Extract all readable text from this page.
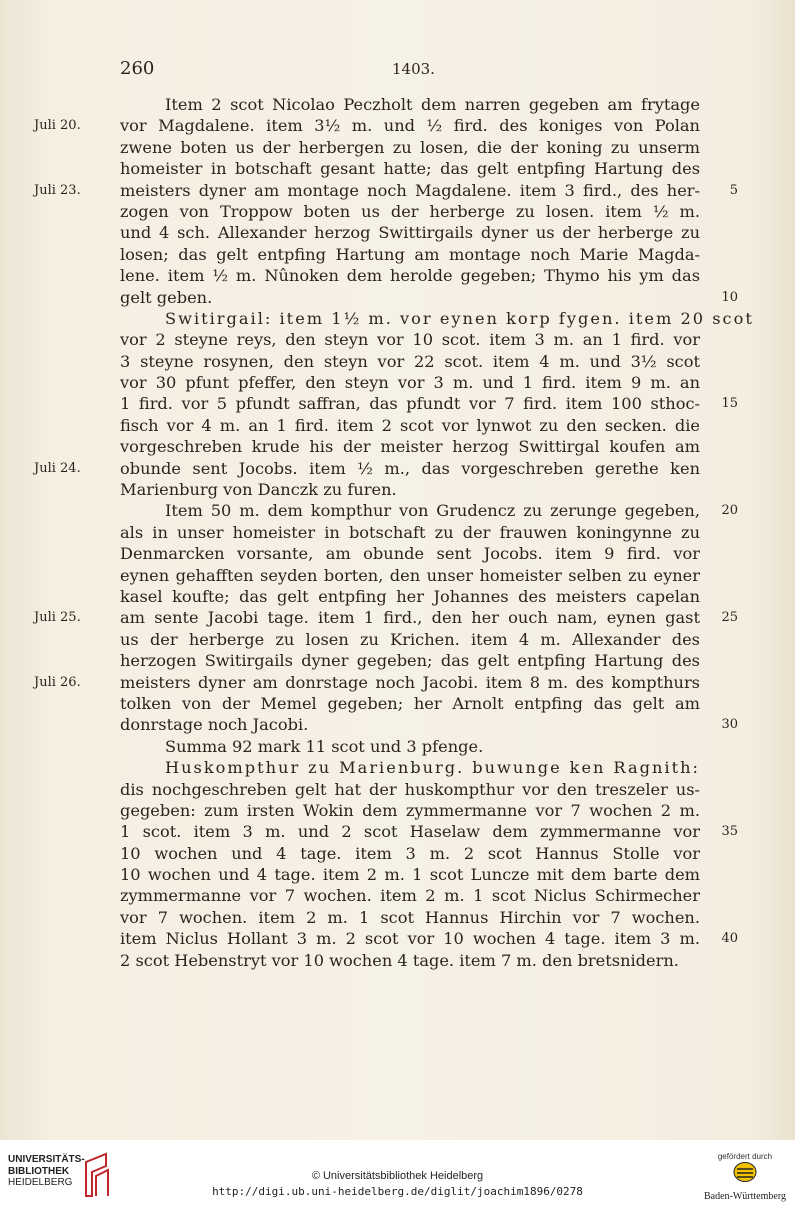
260	1403.
Item 2 scot Nicolao Peczholt dem narren gegeben am frytage
Juli 20. vor Magdalene. item 3½ m. und ½ fird. des koniges von Polan
zwene boten us der herbergen zu losen, die der koning zu unserm
homeister in botschaft gesant hatte; das gelt entpfing Hartung des
Juli 23. meisters dyner am montage noch Magdalene. item 3 fird., des her-	5
zogen von Troppow boten us der herberge zu losen. item ½ m.
und 4 sch. Allexander herzog Swittirgails dyner us der herberge zu
losen; das gelt entpfing Hartung am montage noch Marie Magda-
lene. item ½ m. Nûnoken dem herolde gegeben; Thymo his ym das
gelt geben.	10
Switirgail: item 1½ m. vor eynen korp fygen. item 20 scot
vor 2 steyne reys, den steyn vor 10 scot. item 3 m. an 1 fird. vor
3 steyne rosynen, den steyn vor 22 scot. item 4 m. und 3½ scot
vor 30 pfunt pfeffer, den steyn vor 3 m. und 1 fird. item 9 m. an
1 fird. vor 5 pfundt saffran, das pfundt vor 7 fird. item 100 sthoc-	15
fisch vor 4 m. an 1 fird. item 2 scot vor lynwot zu den secken. die
vorgeschreben krude his der meister herzog Swittirgal koufen am
Juli 24. obunde sent Jocobs. item ½ m., das vorgeschreben gerethe ken
Marienburg von Danczk zu furen.
Item 50 m. dem kompthur von Grudencz zu zerunge gegeben,	20
als in unser homeister in botschaft zu der frauwen koningynne zu
Denmarcken vorsante, am obunde sent Jocobs. item 9 fird. vor
eynen gehafften seyden borten, den unser homeister selben zu eyner
kasel koufte; das gelt entpfing her Johannes des meisters capelan
Juli 25. am sente Jacobi tage. item 1 fird., den her ouch nam, eynen gast	25
us der herberge zu losen zu Krichen. item 4 m. Allexander des
herzogen Switirgails dyner gegeben; das gelt entpfing Hartung des
Juli 26. meisters dyner am donrstage noch Jacobi. item 8 m. des kompthurs
tolken von der Memel gegeben; her Arnolt entpfing das gelt am
donrstage noch Jacobi.	30
Summa 92 mark 11 scot und 3 pfenge.
Huskompthur zu Marienburg. buwunge ken Ragnith:
dis nochgeschreben gelt hat der huskompthur vor den treszeler us-
gegeben: zum irsten Wokin dem zymmermanne vor 7 wochen 2 m.
1 scot. item 3 m. und 2 scot Haselaw dem zymmermanne vor	35
10 wochen und 4 tage. item 3 m. 2 scot Hannus Stolle vor
10 wochen und 4 tage. item 2 m. 1 scot Luncze mit dem barte dem
zymmermanne vor 7 wochen. item 2 m. 1 scot Niclus Schirmecher
vor 7 wochen. item 2 m. 1 scot Hannus Hirchin vor 7 wochen.
item Niclus Hollant 3 m. 2 scot vor 10 wochen 4 tage. item 3 m.	40
2 scot Hebenstryt vor 10 wochen 4 tage. item 7 m. den bretsnidern.
UNIVERSITÄTS-
BIBLIOTHEK
HEIDELBERG
© Universitätsbibliothek Heidelberg
http://digi.ub.uni-heidelberg.de/diglit/joachim1896/0278
gefördert durch
Baden-Württemberg
